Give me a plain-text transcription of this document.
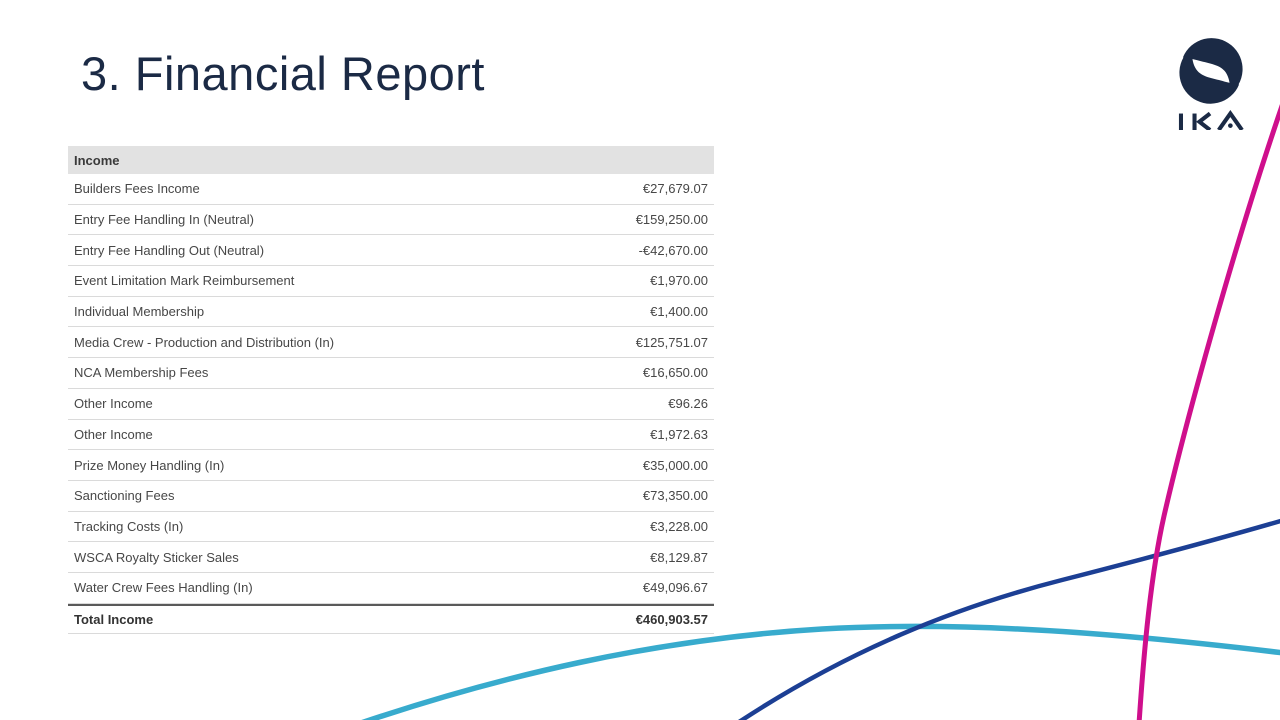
3. Financial Report
Income
Builders Fees Income	€27,679.07
Entry Fee Handling In (Neutral)	€159,250.00
Entry Fee Handling Out (Neutral)	-€42,670.00
Event Limitation Mark Reimbursement	€1,970.00
Individual Membership	€1,400.00
Media Crew - Production and Distribution (In)	€125,751.07
NCA Membership Fees	€16,650.00
Other Income	€96.26
Other Income	€1,972.63
Prize Money Handling (In)	€35,000.00
Sanctioning Fees	€73,350.00
Tracking Costs (In)	€3,228.00
WSCA Royalty Sticker Sales	€8,129.87
Water Crew Fees Handling (In)	€49,096.67
Total Income	€460,903.57
